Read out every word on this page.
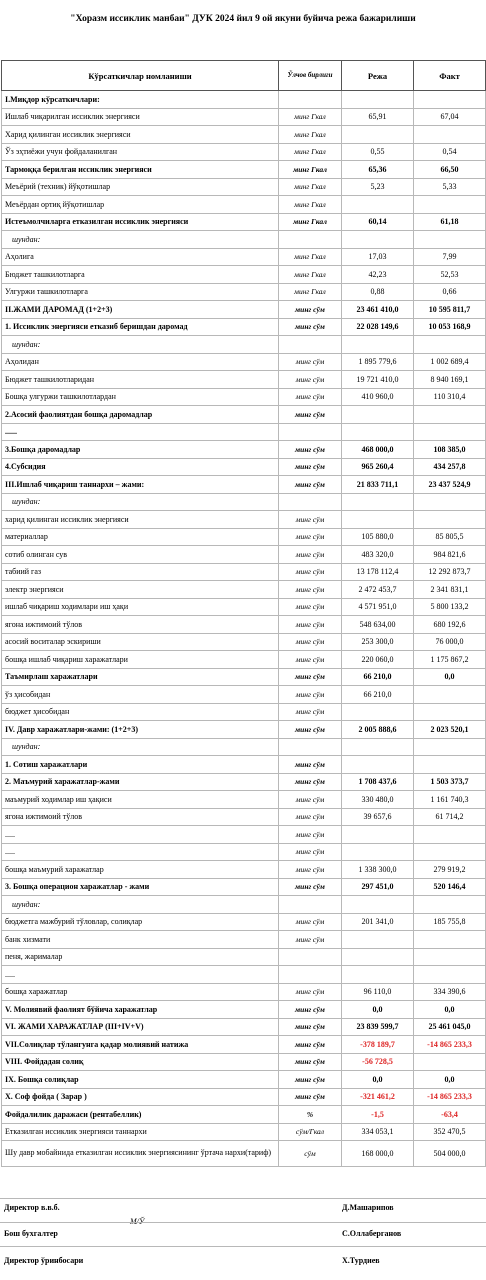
"Хоразм иссиклик манбаи" ДУК 2024 йил 9 ой якуни буйича режа бажарилиши
Кўрсаткичлар номланиши	Ўлчов бирлиги	Режа	Факт
I.Миқдор кўрсаткичлари:			
Ишлаб чиқарилган иссиклик энергияси	минг Гкал	65,91	67,04
Харид қилинган иссиклик энергияси	минг Гкал		
Ўз эҳтиёжи учун фойдаланилган	минг Гкал	0,55	0,54
Тармоққа берилган иссиклик энергияси	минг Гкал	65,36	66,50
Меъёрий (техник) йўқотишлар	минг Гкал	5,23	5,33
Меъёрдан ортиқ йўқотишлар	минг Гкал		
Истеъмолчиларга етказилган иссиклик энергияси	минг Гкал	60,14	61,18
шундан:			
Аҳолига	минг Гкал	17,03	7,99
Бюджет ташкилотларга	минг Гкал	42,23	52,53
Улгуржи ташкилотларга	минг Гкал	0,88	0,66
II.ЖАМИ ДАРОМАД (1+2+3)	минг сўм	23 461 410,0	10 595 811,7
1. Иссиклик энергияси етказиб беришдан даромад	минг сўм	22 028 149,6	10 053 168,9
шундан:			
Аҳолидан	минг сўм	1 895 779,6	1 002 689,4
Бюджет ташкилотларидан	минг сўм	19 721 410,0	8 940 169,1
Бошқа улгуржи ташкилотлардан	минг сўм	410 960,0	110 310,4
2.Асосий фаолиятдан бошқа даромадлар	минг сўм		
......			
3.Бошқа даромадлар	минг сўм	468 000,0	108 385,0
4.Субсидия	минг сўм	965 260,4	434 257,8
III.Ишлаб чиқариш таннархи – жами:	минг сўм	21 833 711,1	23 437 524,9
шундан:			
харид қилинган иссиклик энергияси	минг сўм		
материаллар	минг сўм	105 880,0	85 805,5
сотиб олинган сув	минг сўм	483 320,0	984 821,6
табиий газ	минг сўм	13 178 112,4	12 292 873,7
электр энергияси	минг сўм	2 472 453,7	2 341 831,1
ишлаб чиқариш ходимлари иш ҳақи	минг сўм	4 571 951,0	5 800 133,2
ягона ижтимоий тўлов	минг сўм	548 634,00	680 192,6
асосий воситалар эскириши	минг сўм	253 300,0	76 000,0
бошқа ишлаб чиқариш харажатлари	минг сўм	220 060,0	1 175 867,2
Таъмирлаш харажатлари	минг сўм	66 210,0	0,0
ўз ҳисобидан	минг сўм	66 210,0	
бюджет ҳисобидан	минг сўм		
IV. Давр харажатлари-жами: (1+2+3)	минг сўм	2 005 888,6	2 023 520,1
шундан:			
1. Сотиш харажатлари	минг сўм		
2. Маъмурий харажатлар-жами	минг сўм	1 708 437,6	1 503 373,7
маъмурий ходимлар иш ҳақиси	минг сўм	330 480,0	1 161 740,3
ягона ижтимоий тўлов	минг сўм	39 657,6	61 714,2
.....	минг сўм		
.....	минг сўм		
бошқа маъмурий харажатлар	минг сўм	1 338 300,0	279 919,2
3. Бошқа операцион харажатлар - жами	минг сўм	297 451,0	520 146,4
шундан:			
бюджетга мажбурий тўловлар, солиқлар	минг сўм	201 341,0	185 755,8
банк хизмати	минг сўм		
пеня, жарималар			
.....			
бошқа харажатлар	минг сўм	96 110,0	334 390,6
V. Молиявий фаолият бўйича харажатлар	минг сўм	0,0	0,0
VI. ЖАМИ ХАРАЖАТЛАР (III+IV+V)	минг сўм	23 839 599,7	25 461 045,0
VII.Солиқлар тўлангунга қадар молиявий натижа	минг сўм	-378 189,7	-14 865 233,3
VIII. Фойдадан солиқ	минг сўм	-56 728,5	
IX. Бошқа солиқлар	минг сўм	0,0	0,0
X. Соф фойда ( Зарар )	минг сўм	-321 461,2	-14 865 233,3
Фойдалилик даражаси (рентабеллик)	%	-1,5	-63,4
Етказилган иссиклик энергияси таннархи	сўм/Гкал	334 053,1	352 470,5
Шу давр мобайнида етказилган иссиклик энергиясининг ўртача нархи(тариф)	сўм	168 000,0	504 000,0
Директор в.в.б.	Д.Машарипов
М/Ў
Бош бухгалтер	С.Оллаберганов
Директор ўринбосари	Х.Турдиев
